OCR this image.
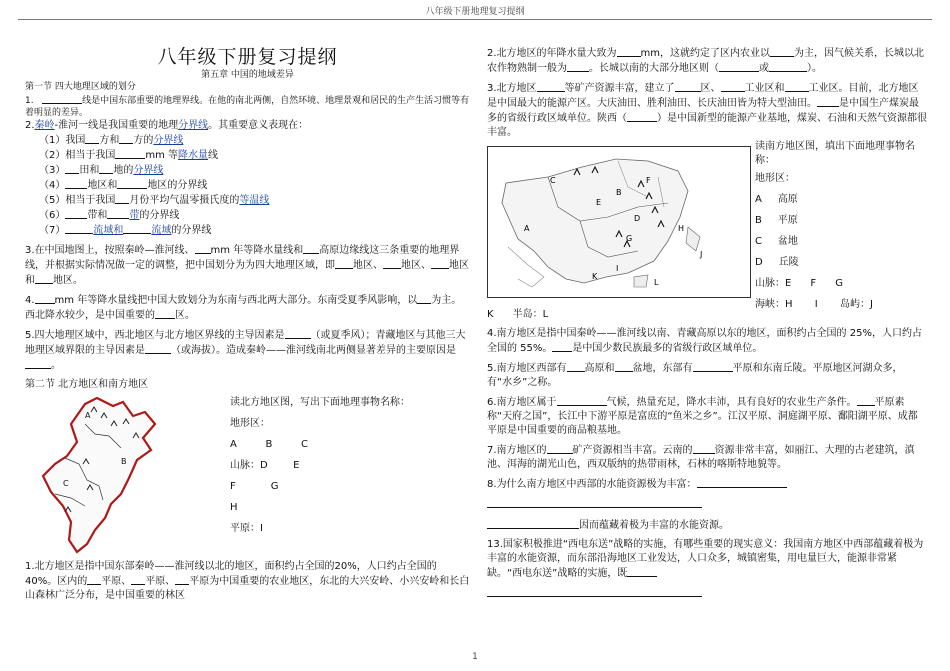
八年级下册地理复习提纲

八年级下册复习提纲

第五章 中国的地域差异

第一节 四大地理区域的划分

1.	线是中国东部重要的地理界线。在他的南北两侧，自然环境、地理景观和居民的生产生活习惯等有着明显的差异。

2.秦岭-淮河一线是我国重要的地理分界线。其重要意义表现在：

（1）我国 方和 方的分界线

（2）相当于我国	mm 等降水量线

（3） 田和 地的分界线

（4） 地区和	地区的分界线

（5）相当于我国 月份平均气温零摄氏度的等温线

（6） 带和 带的分界线

（7）	流域和	流域的分界线

3.在中国地图上，按照秦岭—淮河线、 mm 年等降水量线和 高原边缘线这三条重要的地理界线，并根据实际情况做一定的调整，把中国划分为为四大地理区域，即 地区、 地区、 地区和 地区。

4. mm 年等降水量线把中国大致划分为东南与西北两大部分。东南受夏季风影响，以 为主。西北降水较少，是中国重要的 区。

5.四大地理区域中，西北地区与北方地区界线的主导因素是	（或夏季风）；青藏地区与其他三大地理区域界限的主导因素是	（或海拔）。造成秦岭——淮河线南北两侧显著差异的主要原因是。

第二节 北方地区和南方地区

A
B
C

读北方地区图，写出下面地理事物名称：

地形区：

A	B	C

山脉：D	E

F	G

H

平原：I

1.北方地区是指中国东部秦岭——淮河线以北的地区，面积约占全国的20%，人口约占全国的 40%。区内的 平原、 平原、 平原为中国重要的农业地区，东北的大兴安岭、小兴安岭和长白山森林广泛分布，是中国重要的林区

2.北方地区的年降水量大致为 mm，这就约定了区内农业以 为主，因气候关系，长城以北农作物熟制一般为 。长城以南的大部分地区则（	或	）。

3.北方地区	等矿产资源丰富，建立了	区、 工业区和 工业区。目前，北方地区是中国最大的能源产区。大庆油田、胜利油田、长庆油田皆为特大型油田。 是中国生产煤炭最多的省级行政区域单位。陕西（	）是中国新型的能源产业基地，煤炭、石油和天然气资源都很丰富。

A
B
C
D
E
F
G
H
I
J
K
L

读南方地区图，填出下面地理事物名称：

地形区：

A 高原

B 平原

C 盆地

D 丘陵

山脉：E F G

海峡：H I 岛屿：J

K 半岛：L

4.南方地区是指中国秦岭——淮河线以南、青藏高原以东的地区，面积约占全国的 25%，人口约占全国的 55%。 是中国少数民族最多的省级行政区域单位。

5.南方地区西部有 高原和 盆地，东部有	平原和东南丘陵。平原地区河湖众多，有“水乡”之称。

6.南方地区属于	气候，热量充足，降水丰沛，具有良好的农业生产条件。 平原素称“天府之国”，长江中下游平原是富庶的“鱼米之乡”。江汉平原、洞庭湖平原、鄱阳湖平原、成都平原是中国重要的商品粮基地。

7.南方地区的	矿产资源相当丰富。云南的 资源非常丰富，如丽江、大理的古老建筑，滇池、洱海的湖光山色，西双版纳的热带雨林，石林的喀斯特地貌等。

8.为什么南方地区中西部的水能资源极为丰富：

因而蕴藏着极为丰富的水能资源。

13.国家积极推进“西电东送”战略的实施，有哪些重要的现实意义：我国南方地区中西部蕴藏着极为丰富的水能资源，而东部沿海地区工业发达，人口众多，城镇密集，用电量巨大，能源非常紧缺。“西电东送”战略的实施，既

1
